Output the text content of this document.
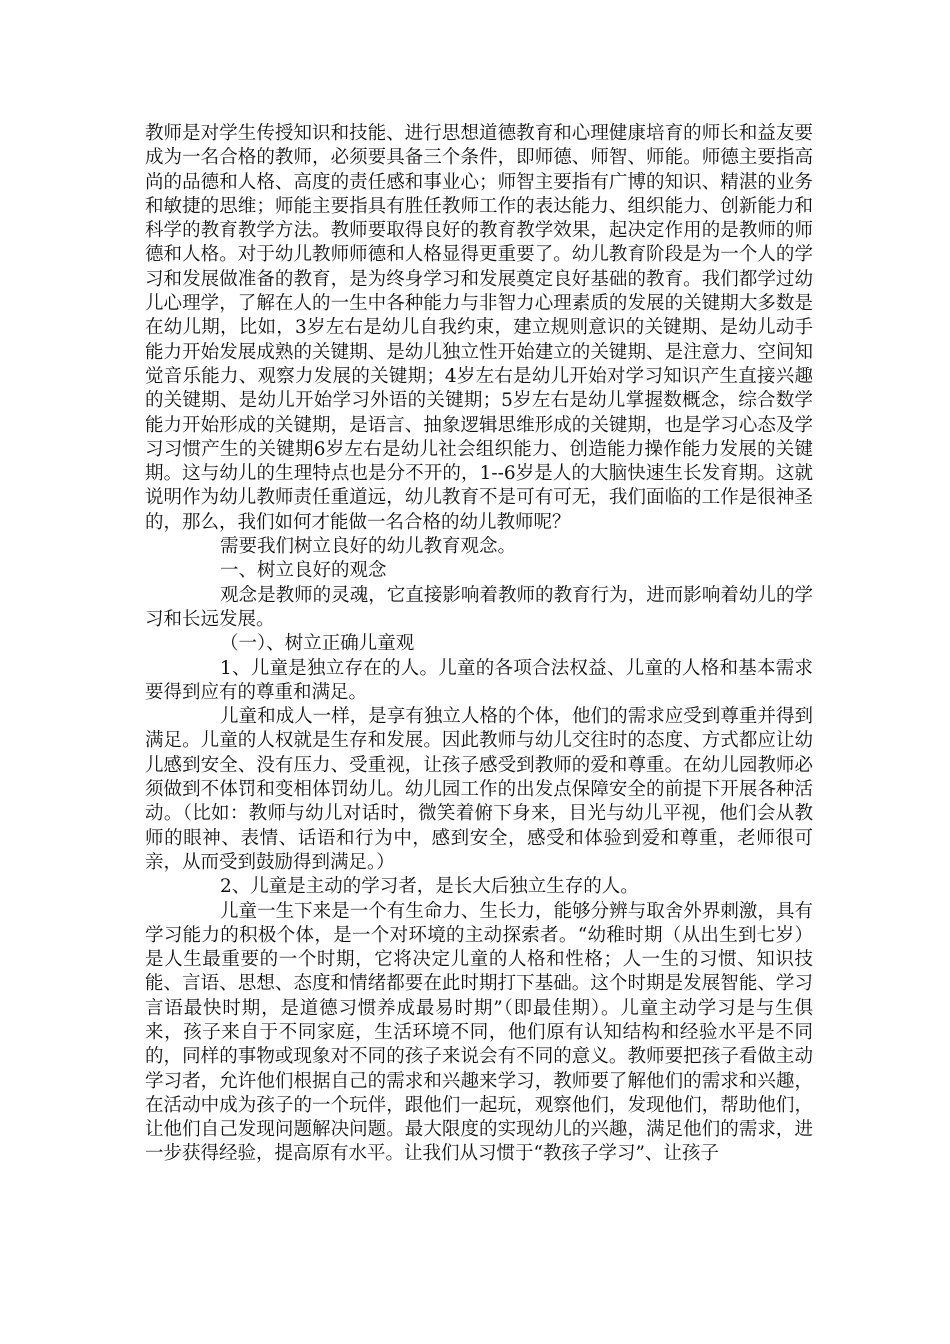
教师是对学生传授知识和技能、进行思想道德教育和心理健康培育的师长和益友要成为一名合格的教师，必须要具备三个条件，即师德、师智、师能。师德主要指高尚的品德和人格、高度的责任感和事业心；师智主要指有广博的知识、精湛的业务和敏捷的思维；师能主要指具有胜任教师工作的表达能力、组织能力、创新能力和科学的教育教学方法。教师要取得良好的教育教学效果，起决定作用的是教师的师德和人格。对于幼儿教师师德和人格显得更重要了。幼儿教育阶段是为一个人的学习和发展做准备的教育，是为终身学习和发展奠定良好基础的教育。我们都学过幼儿心理学，了解在人的一生中各种能力与非智力心理素质的发展的关键期大多数是在幼儿期，比如，3岁左右是幼儿自我约束，建立规则意识的关键期、是幼儿动手能力开始发展成熟的关键期、是幼儿独立性开始建立的关键期、是注意力、空间知觉音乐能力、观察力发展的关键期；4岁左右是幼儿开始对学习知识产生直接兴趣的关键期、是幼儿开始学习外语的关键期；5岁左右是幼儿掌握数概念，综合数学能力开始形成的关键期，是语言、抽象逻辑思维形成的关键期，也是学习心态及学习习惯产生的关键期6岁左右是幼儿社会组织能力、创造能力操作能力发展的关键期。这与幼儿的生理特点也是分不开的，1--6岁是人的大脑快速生长发育期。这就说明作为幼儿教师责任重道远，幼儿教育不是可有可无，我们面临的工作是很神圣的，那么，我们如何才能做一名合格的幼儿教师呢？

需要我们树立良好的幼儿教育观念。

一、树立良好的观念

观念是教师的灵魂，它直接影响着教师的教育行为，进而影响着幼儿的学习和长远发展。

（一）、树立正确儿童观

1、儿童是独立存在的人。儿童的各项合法权益、儿童的人格和基本需求要得到应有的尊重和满足。

儿童和成人一样，是享有独立人格的个体，他们的需求应受到尊重并得到满足。儿童的人权就是生存和发展。因此教师与幼儿交往时的态度、方式都应让幼儿感到安全、没有压力、受重视，让孩子感受到教师的爱和尊重。在幼儿园教师必须做到不体罚和变相体罚幼儿。幼儿园工作的出发点保障安全的前提下开展各种活动。（比如：教师与幼儿对话时，微笑着俯下身来，目光与幼儿平视，他们会从教师的眼神、表情、话语和行为中，感到安全，感受和体验到爱和尊重，老师很可亲，从而受到鼓励得到满足。）

2、儿童是主动的学习者，是长大后独立生存的人。

儿童一生下来是一个有生命力、生长力，能够分辨与取舍外界刺激，具有学习能力的积极个体，是一个对环境的主动探索者。“幼稚时期（从出生到七岁）是人生最重要的一个时期，它将决定儿童的人格和性格；人一生的习惯、知识技能、言语、思想、态度和情绪都要在此时期打下基础。这个时期是发展智能、学习言语最快时期，是道德习惯养成最易时期”（即最佳期）。儿童主动学习是与生俱来，孩子来自于不同家庭，生活环境不同，他们原有认知结构和经验水平是不同的，同样的事物或现象对不同的孩子来说会有不同的意义。教师要把孩子看做主动学习者，允许他们根据自己的需求和兴趣来学习，教师要了解他们的需求和兴趣，在活动中成为孩子的一个玩伴，跟他们一起玩，观察他们，发现他们，帮助他们，让他们自己发现问题解决问题。最大限度的实现幼儿的兴趣，满足他们的需求，进一步获得经验，提高原有水平。让我们从习惯于“教孩子学习”、让孩子
